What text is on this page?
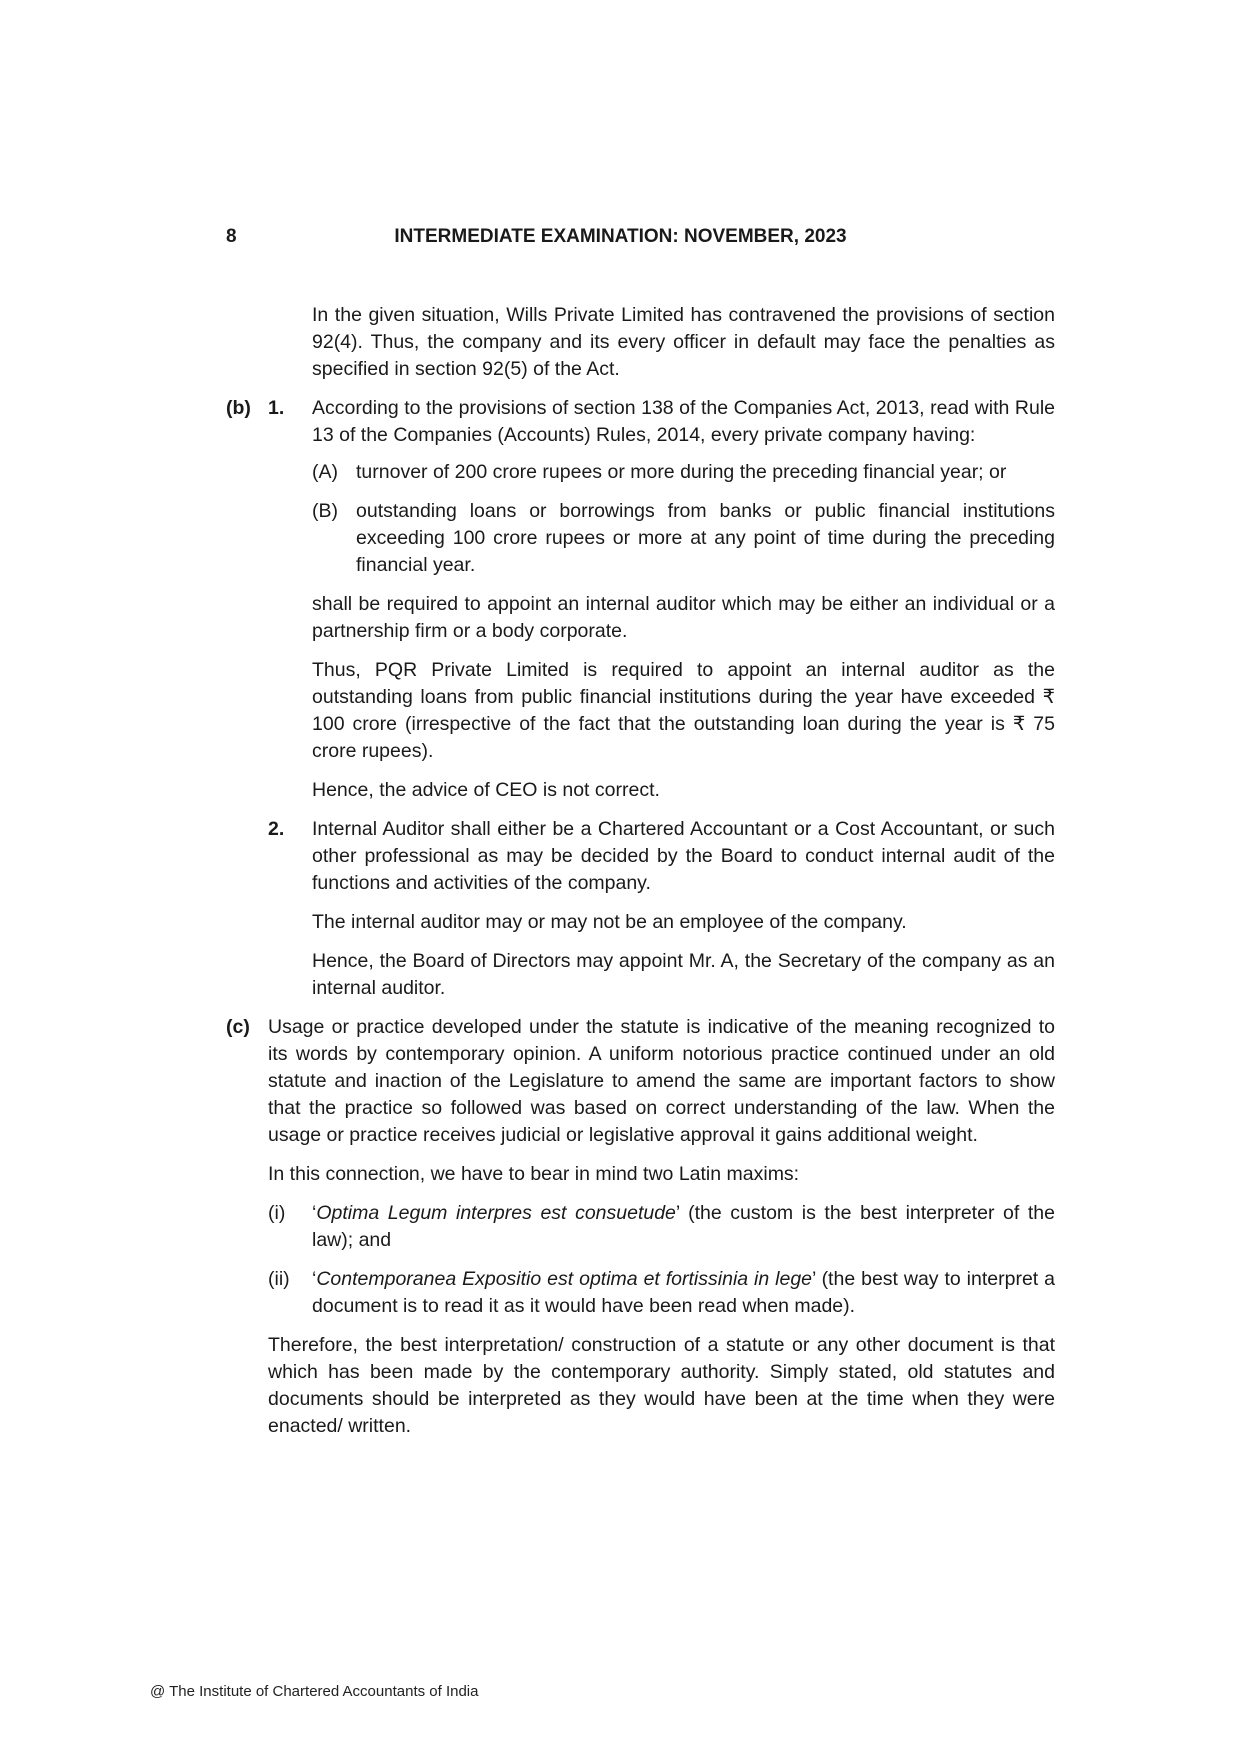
8	INTERMEDIATE EXAMINATION: NOVEMBER, 2023

In the given situation, Wills Private Limited has contravened the provisions of section 92(4). Thus, the company and its every officer in default may face the penalties as specified in section 92(5) of the Act.

(b) 1. According to the provisions of section 138 of the Companies Act, 2013, read with Rule 13 of the Companies (Accounts) Rules, 2014, every private company having:

(A) turnover of 200 crore rupees or more during the preceding financial year; or

(B) outstanding loans or borrowings from banks or public financial institutions exceeding 100 crore rupees or more at any point of time during the preceding financial year.

shall be required to appoint an internal auditor which may be either an individual or a partnership firm or a body corporate.

Thus, PQR Private Limited is required to appoint an internal auditor as the outstanding loans from public financial institutions during the year have exceeded ₹ 100 crore (irrespective of the fact that the outstanding loan during the year is ₹ 75 crore rupees).

Hence, the advice of CEO is not correct.

2. Internal Auditor shall either be a Chartered Accountant or a Cost Accountant, or such other professional as may be decided by the Board to conduct internal audit of the functions and activities of the company.

The internal auditor may or may not be an employee of the company.

Hence, the Board of Directors may appoint Mr. A, the Secretary of the company as an internal auditor.

(c) Usage or practice developed under the statute is indicative of the meaning recognized to its words by contemporary opinion. A uniform notorious practice continued under an old statute and inaction of the Legislature to amend the same are important factors to show that the practice so followed was based on correct understanding of the law. When the usage or practice receives judicial or legislative approval it gains additional weight.

In this connection, we have to bear in mind two Latin maxims:

(i) ‘Optima Legum interpres est consuetude’ (the custom is the best interpreter of the law); and

(ii) ‘Contemporanea Expositio est optima et fortissinia in lege’ (the best way to interpret a document is to read it as it would have been read when made).

Therefore, the best interpretation/ construction of a statute or any other document is that which has been made by the contemporary authority. Simply stated, old statutes and documents should be interpreted as they would have been at the time when they were enacted/ written.

@ The Institute of Chartered Accountants of India
